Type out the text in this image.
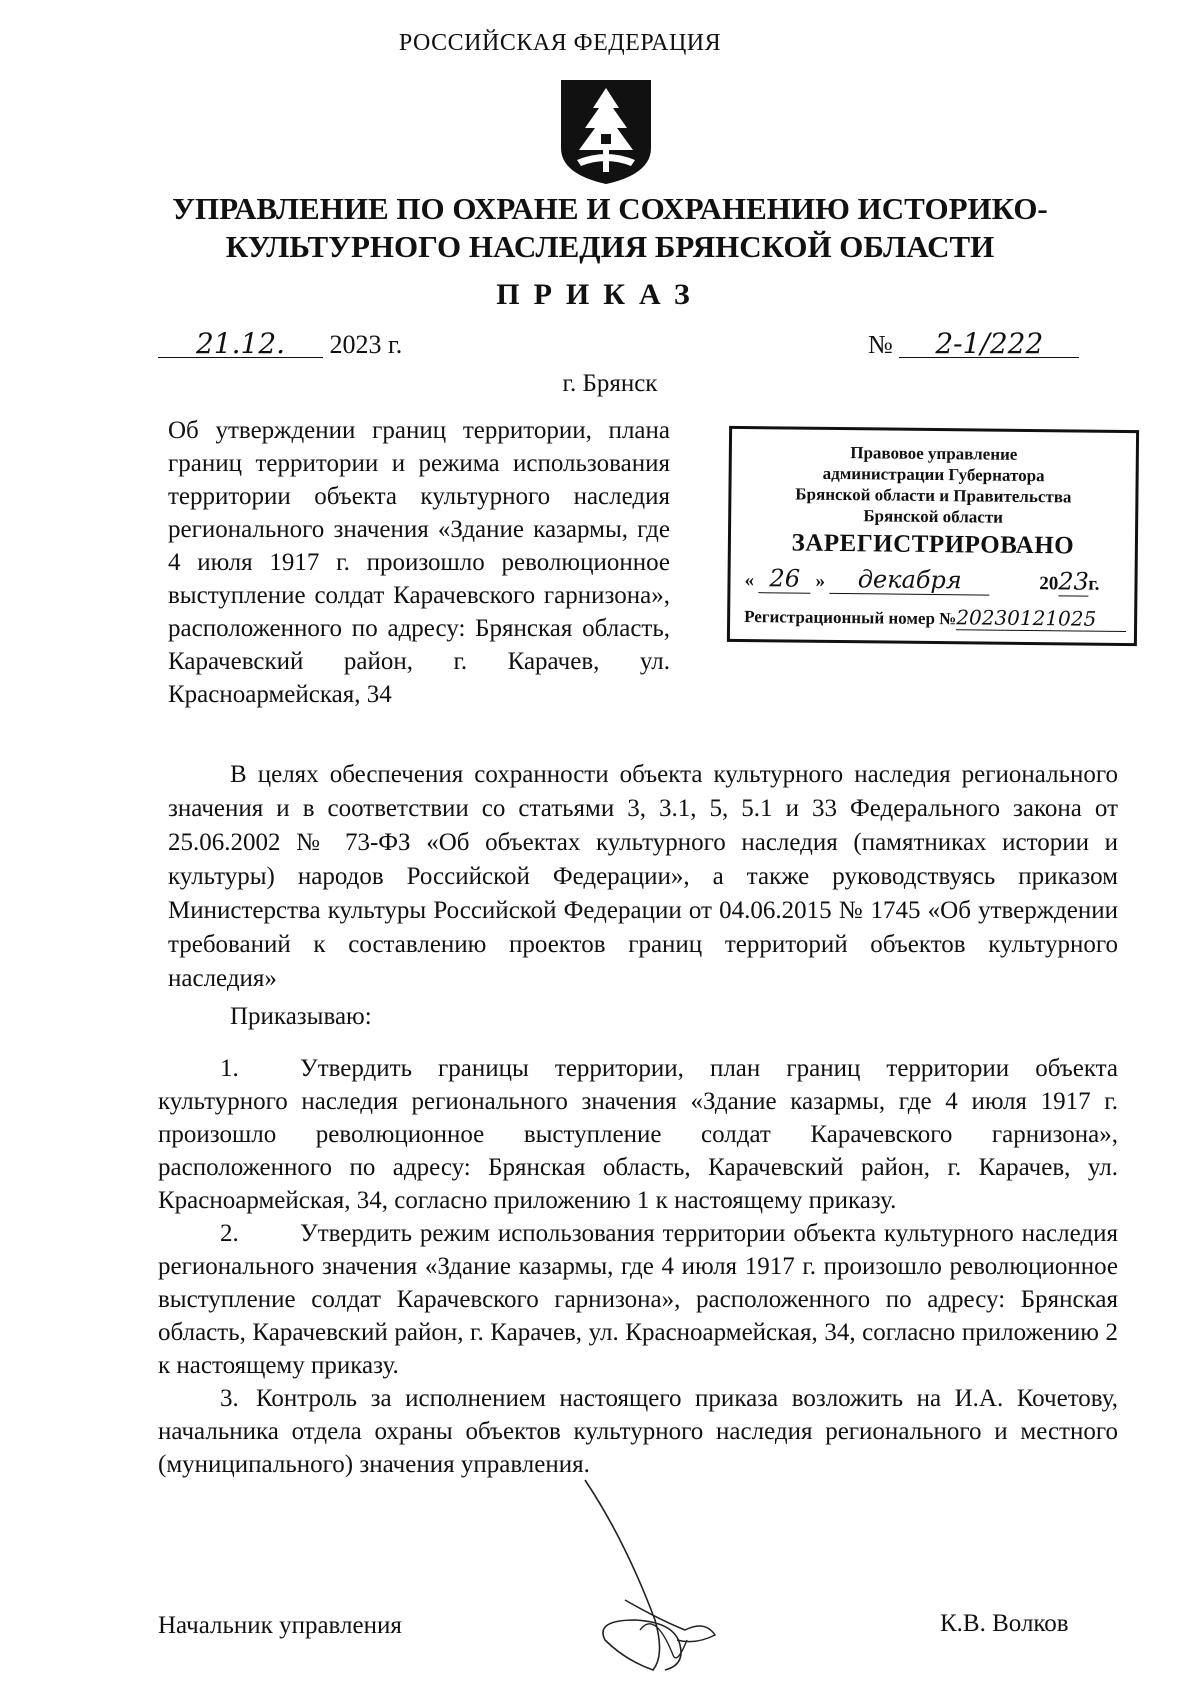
РОССИЙСКАЯ ФЕДЕРАЦИЯ
УПРАВЛЕНИЕ ПО ОХРАНЕ И СОХРАНЕНИЮ ИСТОРИКО-
КУЛЬТУРНОГО НАСЛЕДИЯ БРЯНСКОЙ ОБЛАСТИ
ПРИКАЗ
21.12. 2023 г.	№ 2-1/222
г. Брянск
Об утверждении границ территории, плана границ территории и режима использования территории объекта культурного наследия регионального значения «Здание казармы, где 4 июля 1917 г. произошло революционное выступление солдат Карачевского гарнизона», расположенного по адресу: Брянская область, Карачевский район, г. Карачев, ул. Красноармейская, 34
Правовое управление
администрации Губернатора
Брянской области и Правительства
Брянской области
ЗАРЕГИСТРИРОВАНО
« 26 » декабря	2023г.
Регистрационный номер №20230121025
В целях обеспечения сохранности объекта культурного наследия регионального значения и в соответствии со статьями 3, 3.1, 5, 5.1 и 33 Федерального закона от 25.06.2002 № 73-ФЗ «Об объектах культурного наследия (памятниках истории и культуры) народов Российской Федерации», а также руководствуясь приказом Министерства культуры Российской Федерации от 04.06.2015 № 1745 «Об утверждении требований к составлению проектов границ территорий объектов культурного наследия»
Приказываю:

1. Утвердить границы территории, план границ территории объекта культурного наследия регионального значения «Здание казармы, где 4 июля 1917 г. произошло революционное выступление солдат Карачевского гарнизона», расположенного по адресу: Брянская область, Карачевский район, г. Карачев, ул. Красноармейская, 34, согласно приложению 1 к настоящему приказу.

2. Утвердить режим использования территории объекта культурного наследия регионального значения «Здание казармы, где 4 июля 1917 г. произошло революционное выступление солдат Карачевского гарнизона», расположенного по адресу: Брянская область, Карачевский район, г. Карачев, ул. Красноармейская, 34, согласно приложению 2 к настоящему приказу.

3. Контроль за исполнением настоящего приказа возложить на И.А. Кочетову, начальника отдела охраны объектов культурного наследия регионального и местного (муниципального) значения управления.

Начальник управления	К.В. Волков
